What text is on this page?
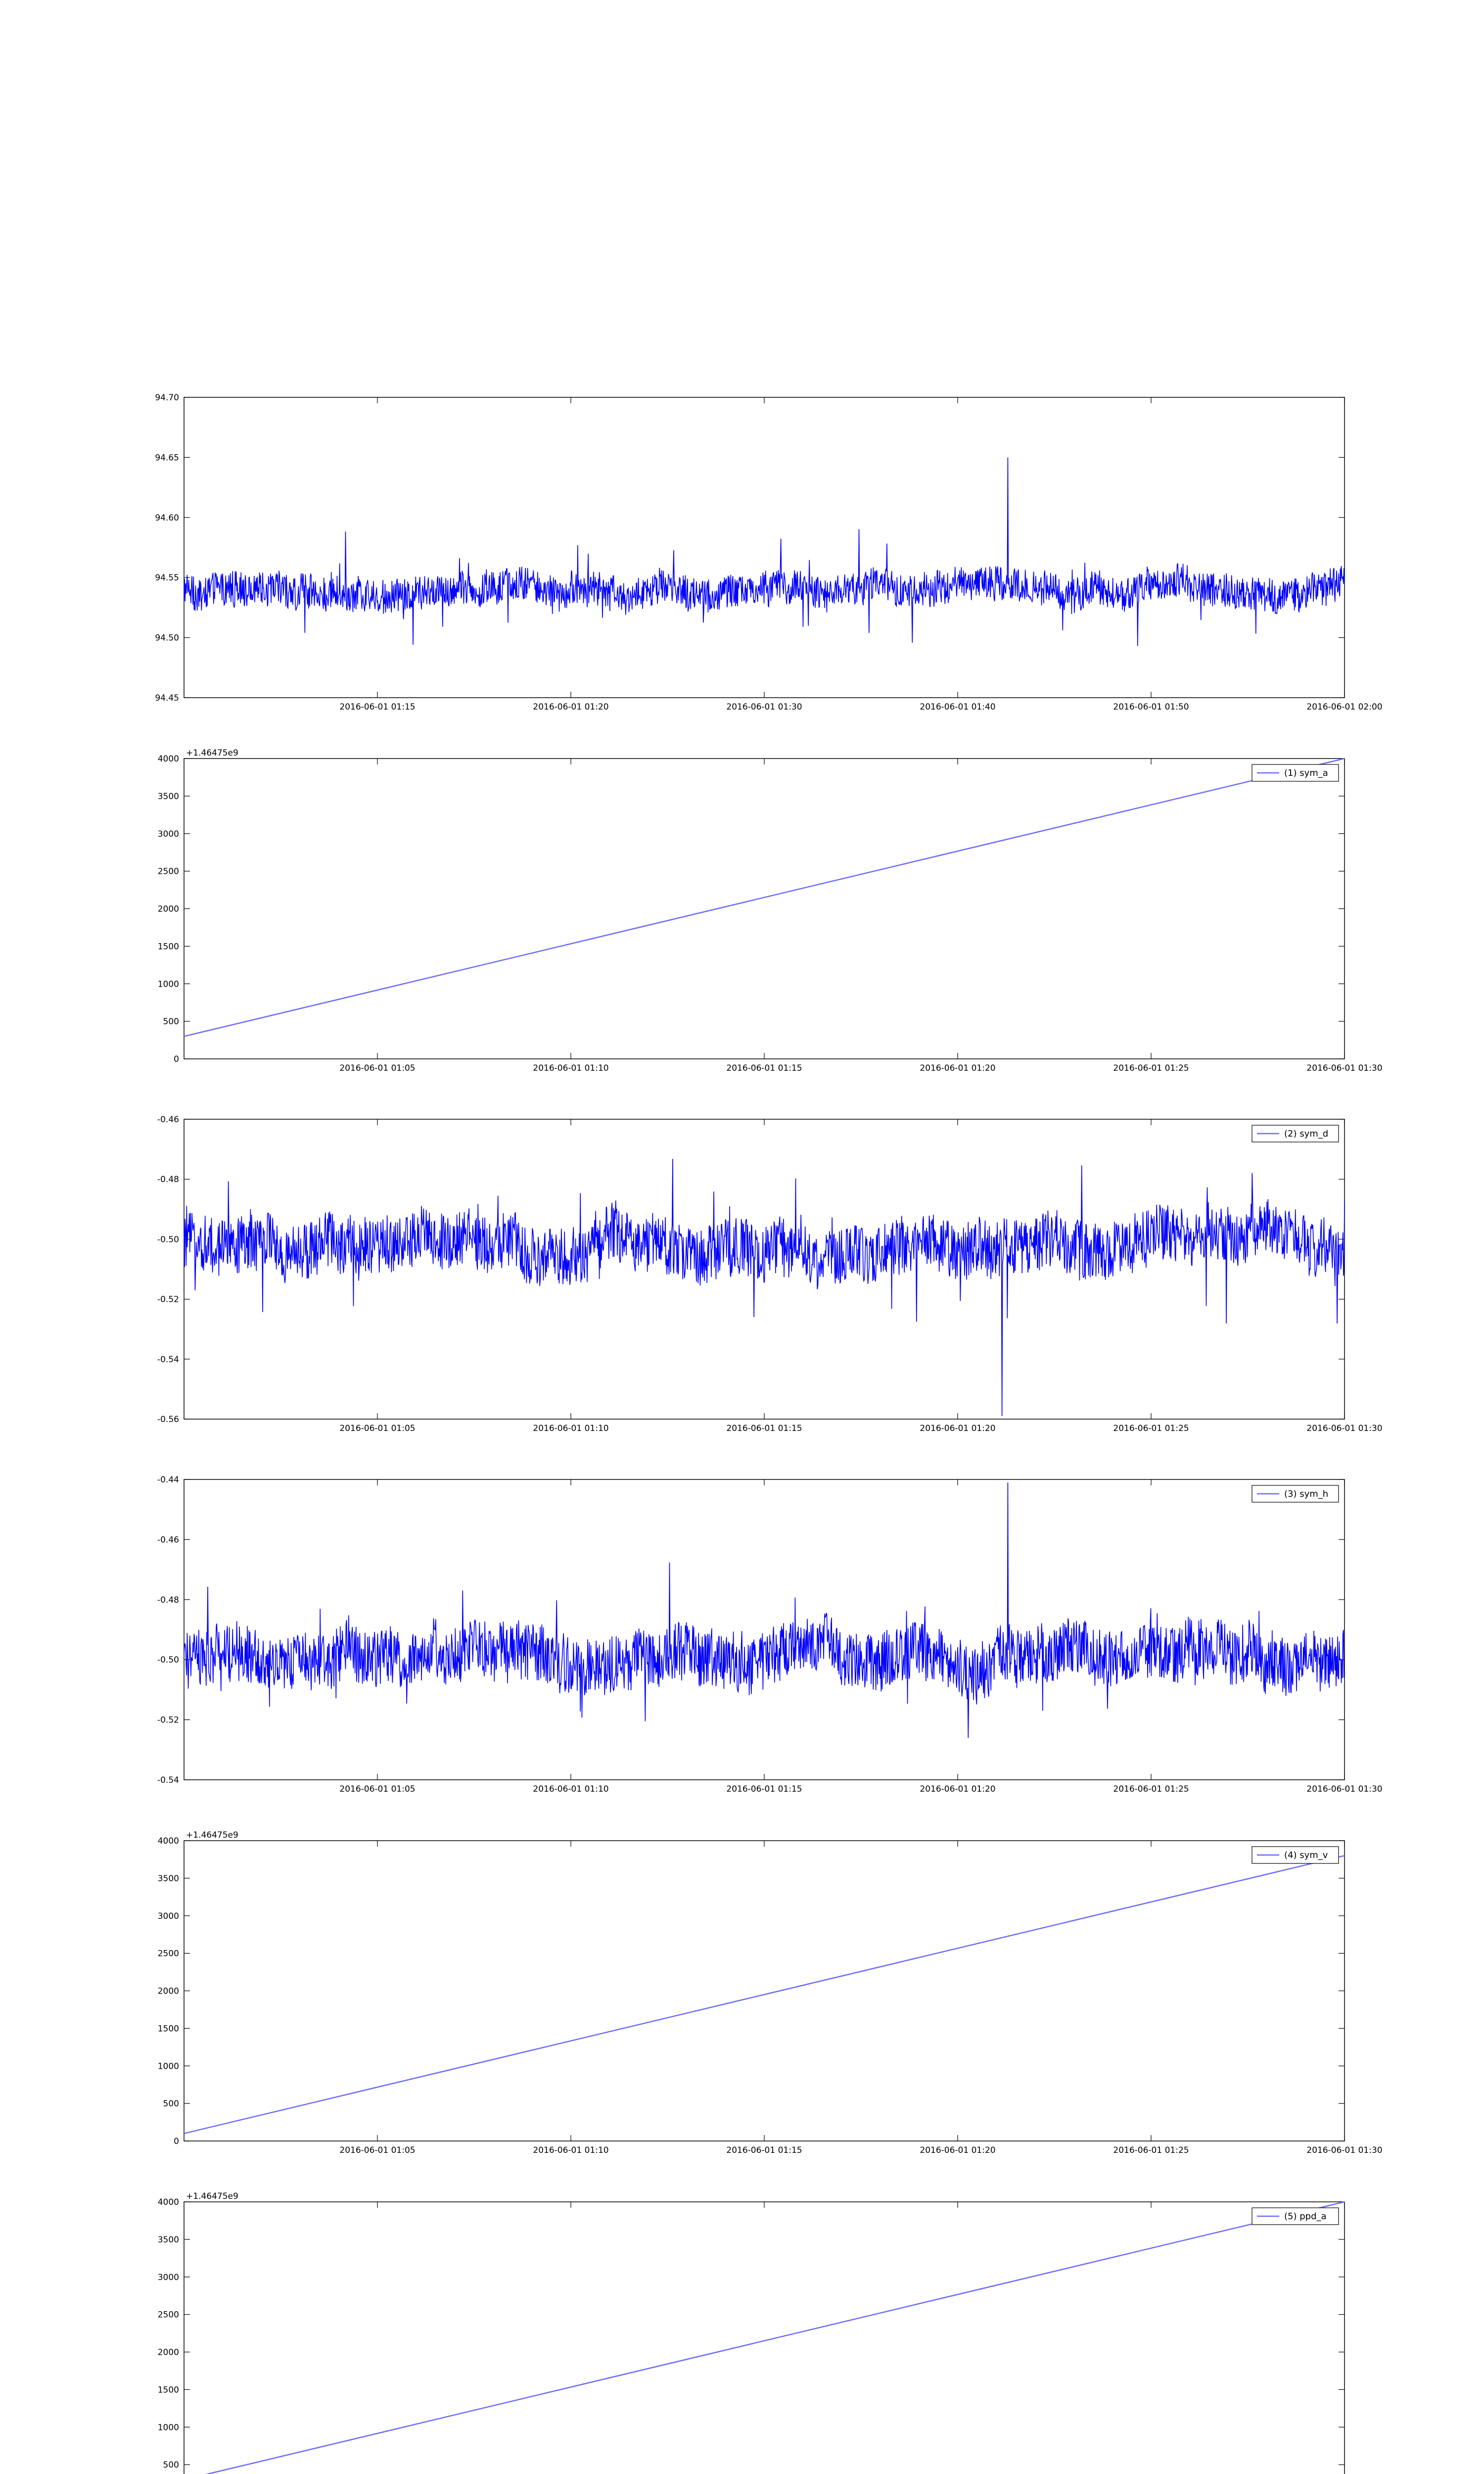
94.45
94.50
94.55
94.60
94.65
94.70
2016-06-01 01:15	2016-06-01 01:20	2016-06-01 01:30	2016-06-01 01:40	2016-06-01 01:50	2016-06-01 02:00
0
500
1000
1500
2000
2500
3000
3500
4000
2016-06-01 01:05	2016-06-01 01:10	2016-06-01 01:15	2016-06-01 01:20	2016-06-01 01:25	2016-06-01 01:30
+1.46475e9
(1) sym_a
-0.56
-0.54
-0.52
-0.50
-0.48
-0.46
2016-06-01 01:05	2016-06-01 01:10	2016-06-01 01:15	2016-06-01 01:20	2016-06-01 01:25	2016-06-01 01:30
(2) sym_d
-0.54
-0.52
-0.50
-0.48
-0.46
-0.44
2016-06-01 01:05	2016-06-01 01:10	2016-06-01 01:15	2016-06-01 01:20	2016-06-01 01:25	2016-06-01 01:30
(3) sym_h
0
500
1000
1500
2000
2500
3000
3500
4000
2016-06-01 01:05	2016-06-01 01:10	2016-06-01 01:15	2016-06-01 01:20	2016-06-01 01:25	2016-06-01 01:30
+1.46475e9
(4) sym_v
500
1000
1500
2000
2500
3000
3500
4000
+1.46475e9
(5) ppd_a
